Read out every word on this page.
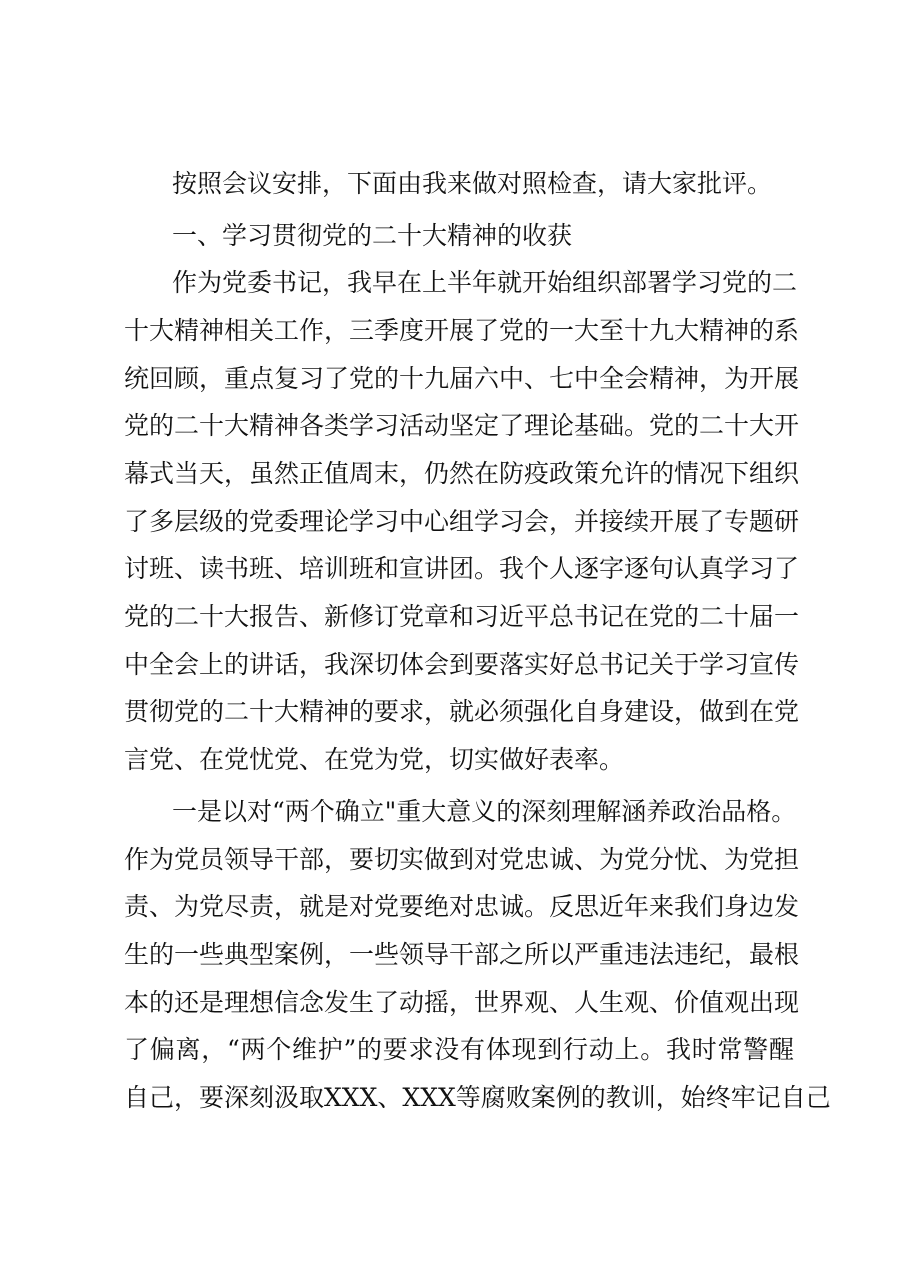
按照会议安排，下面由我来做对照检查，请大家批评。
一、学习贯彻党的二十大精神的收获
作为党委书记，我早在上半年就开始组织部署学习党的二
十大精神相关工作，三季度开展了党的一大至十九大精神的系
统回顾，重点复习了党的十九届六中、七中全会精神，为开展
党的二十大精神各类学习活动坚定了理论基础。党的二十大开
幕式当天，虽然正值周末，仍然在防疫政策允许的情况下组织
了多层级的党委理论学习中心组学习会，并接续开展了专题研
讨班、读书班、培训班和宣讲团。我个人逐字逐句认真学习了
党的二十大报告、新修订党章和习近平总书记在党的二十届一
中全会上的讲话，我深切体会到要落实好总书记关于学习宣传
贯彻党的二十大精神的要求，就必须强化自身建设，做到在党
言党、在党忧党、在党为党，切实做好表率。
一是以对“两个确立"重大意义的深刻理解涵养政治品格。
作为党员领导干部，要切实做到对党忠诚、为党分忧、为党担
责、为党尽责，就是对党要绝对忠诚。反思近年来我们身边发
生的一些典型案例，一些领导干部之所以严重违法违纪，最根
本的还是理想信念发生了动摇，世界观、人生观、价值观出现
了偏离，“两个维护”的要求没有体现到行动上。我时常警醒
自己，要深刻汲取XXX、XXX等腐败案例的教训，始终牢记自己
